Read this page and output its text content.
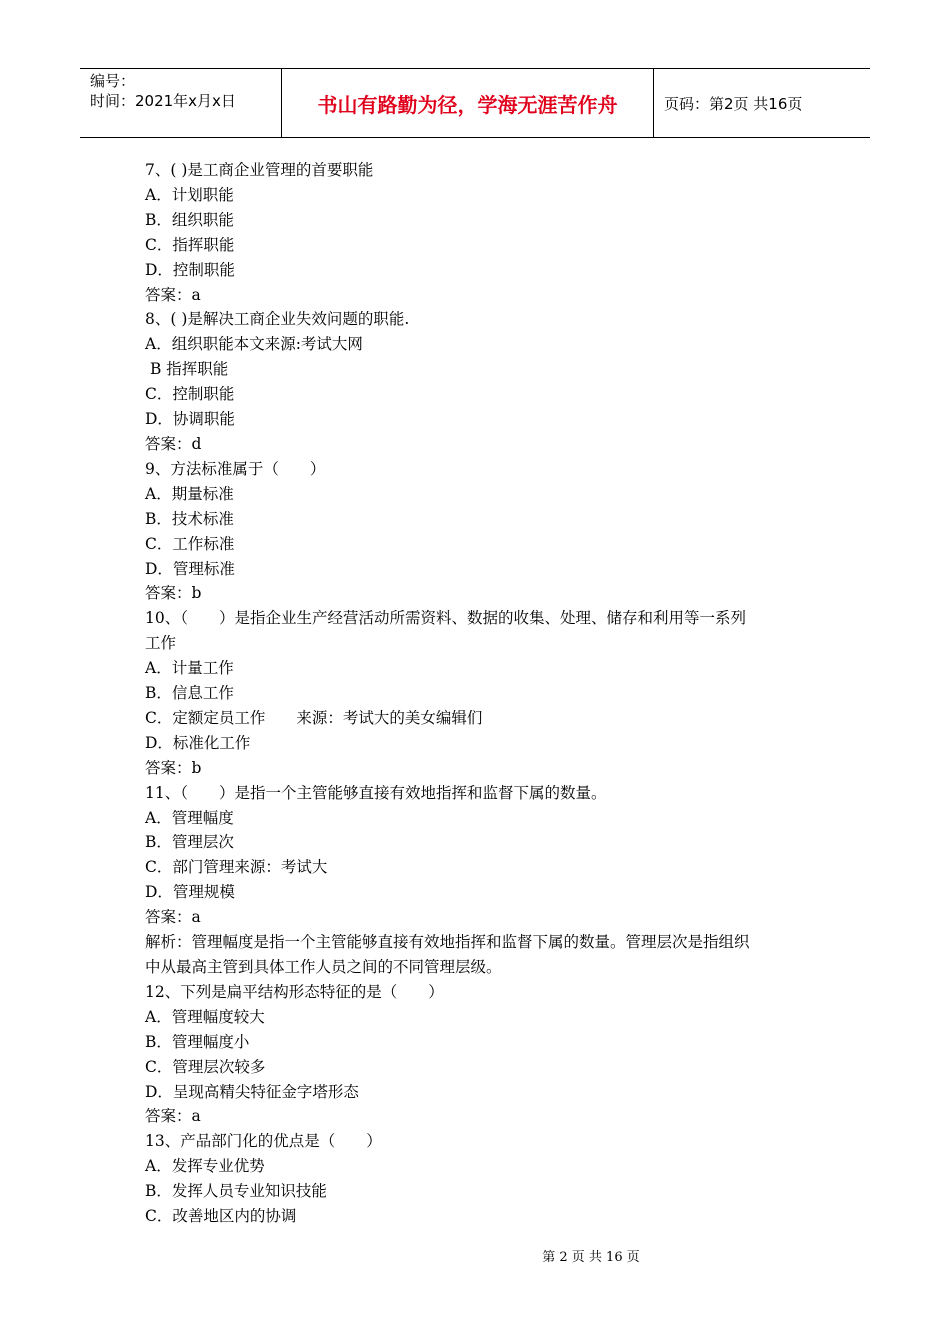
编号：
时间：2021年x月x日	书山有路勤为径，学海无涯苦作舟	页码：第2页 共16页
7、( )是工商企业管理的首要职能
A．计划职能
B．组织职能
C．指挥职能
D．控制职能
答案：a
8、( )是解决工商企业失效问题的职能.
A．组织职能本文来源:考试大网
B 指挥职能
C．控制职能
D．协调职能
答案：d
9、方法标准属于（　　）
A．期量标准
B．技术标准
C．工作标准
D．管理标准
答案：b
10、（　　）是指企业生产经营活动所需资料、数据的收集、处理、储存和利用等一系列
工作
A．计量工作
B．信息工作
C．定额定员工作　　来源：考试大的美女编辑们
D．标准化工作
答案：b
11、（　　）是指一个主管能够直接有效地指挥和监督下属的数量。
A．管理幅度
B．管理层次
C．部门管理来源：考试大
D．管理规模
答案：a
解析：管理幅度是指一个主管能够直接有效地指挥和监督下属的数量。管理层次是指组织
中从最高主管到具体工作人员之间的不同管理层级。
12、下列是扁平结构形态特征的是（　　）
A．管理幅度较大
B．管理幅度小
C．管理层次较多
D．呈现高精尖特征金字塔形态
答案：a
13、产品部门化的优点是（　　）
A．发挥专业优势
B．发挥人员专业知识技能
C．改善地区内的协调
第 2 页 共 16 页
